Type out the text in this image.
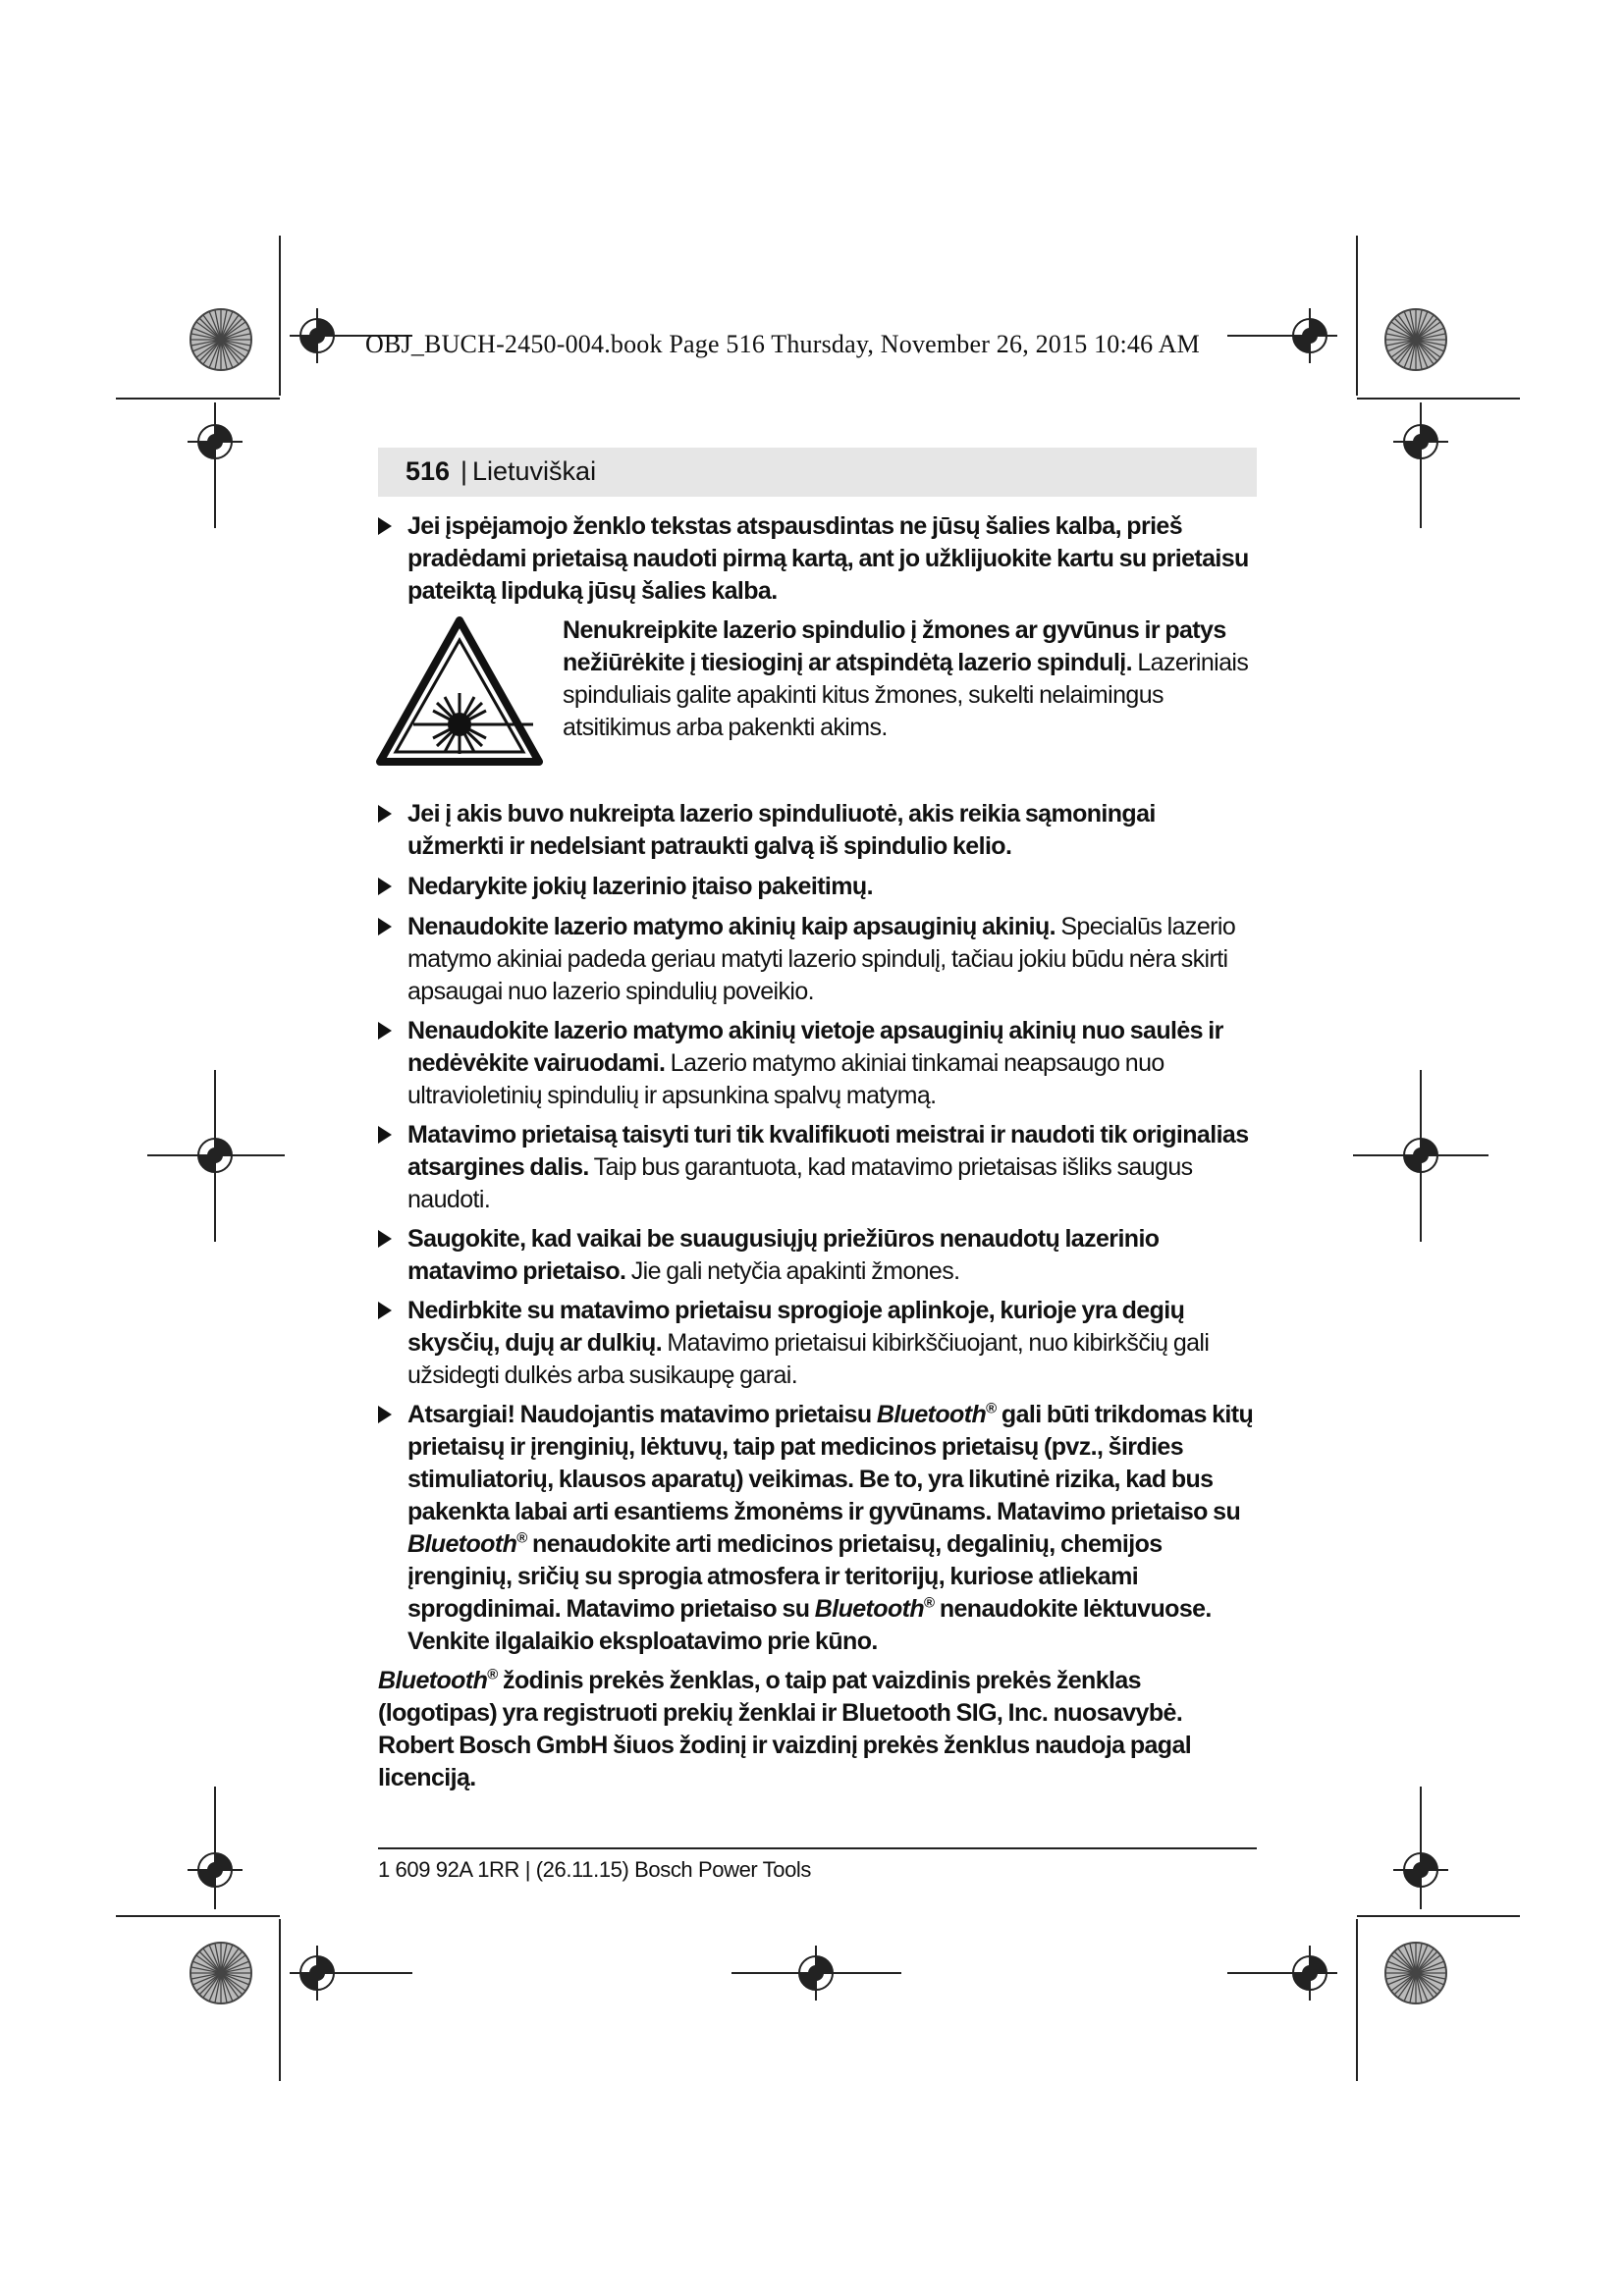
OBJ_BUCH-2450-004.book Page 516 Thursday, November 26, 2015 10:46 AM
516 | Lietuviškai
Jei įspėjamojo ženklo tekstas atspausdintas ne jūsų šalies kalba, prieš pradėdami prietaisą naudoti pirmą kartą, ant jo užklijuokite kartu su prietaisu pateiktą lipduką jūsų šalies kalba.
Nenukreipkite lazerio spindulio į žmones ar gyvūnus ir patys nežiūrėkite į tiesioginį ar atspindėtą lazerio spindulį. Lazeriniais spinduliais galite apakinti kitus žmones, sukelti nelaimingus atsitikimus arba pakenkti akims.
Jei į akis buvo nukreipta lazerio spinduliuotė, akis reikia sąmoningai užmerkti ir nedelsiant patraukti galvą iš spindulio kelio.
Nedarykite jokių lazerinio įtaiso pakeitimų.
Nenaudokite lazerio matymo akinių kaip apsauginių akinių. Specialūs lazerio matymo akiniai padeda geriau matyti lazerio spindulį, tačiau jokiu būdu nėra skirti apsaugai nuo lazerio spindulių poveikio.
Nenaudokite lazerio matymo akinių vietoje apsauginių akinių nuo saulės ir nedėvėkite vairuodami. Lazerio matymo akiniai tinkamai neapsaugo nuo ultravioletinių spindulių ir apsunkina spalvų matymą.
Matavimo prietaisą taisyti turi tik kvalifikuoti meistrai ir naudoti tik originalias atsargines dalis. Taip bus garantuota, kad matavimo prietaisas išliks saugus naudoti.
Saugokite, kad vaikai be suaugusiųjų priežiūros nenaudotų lazerinio matavimo prietaiso. Jie gali netyčia apakinti žmones.
Nedirbkite su matavimo prietaisu sprogioje aplinkoje, kurioje yra degių skysčių, dujų ar dulkių. Matavimo prietaisui kibirkščiuojant, nuo kibirkščių gali užsidegti dulkės arba susikaupę garai.
Atsargiai! Naudojantis matavimo prietaisu Bluetooth® gali būti trikdomas kitų prietaisų ir įrenginių, lėktuvų, taip pat medicinos prietaisų (pvz., širdies stimuliatorių, klausos aparatų) veikimas. Be to, yra likutinė rizika, kad bus pakenkta labai arti esantiems žmonėms ir gyvūnams. Matavimo prietaiso su Bluetooth® nenaudokite arti medicinos prietaisų, degalinių, chemijos įrenginių, sričių su sprogia atmosfera ir teritorijų, kuriose atliekami sprogdinimai. Matavimo prietaiso su Bluetooth® nenaudokite lėktuvuose. Venkite ilgalaikio eksploatavimo prie kūno.
Bluetooth® žodinis prekės ženklas, o taip pat vaizdinis prekės ženklas (logotipas) yra registruoti prekių ženklai ir Bluetooth SIG, Inc. nuosavybė. Robert Bosch GmbH šiuos žodinį ir vaizdinį prekės ženklus naudoja pagal licenciją.
1 609 92A 1RR | (26.11.15) Bosch Power Tools
